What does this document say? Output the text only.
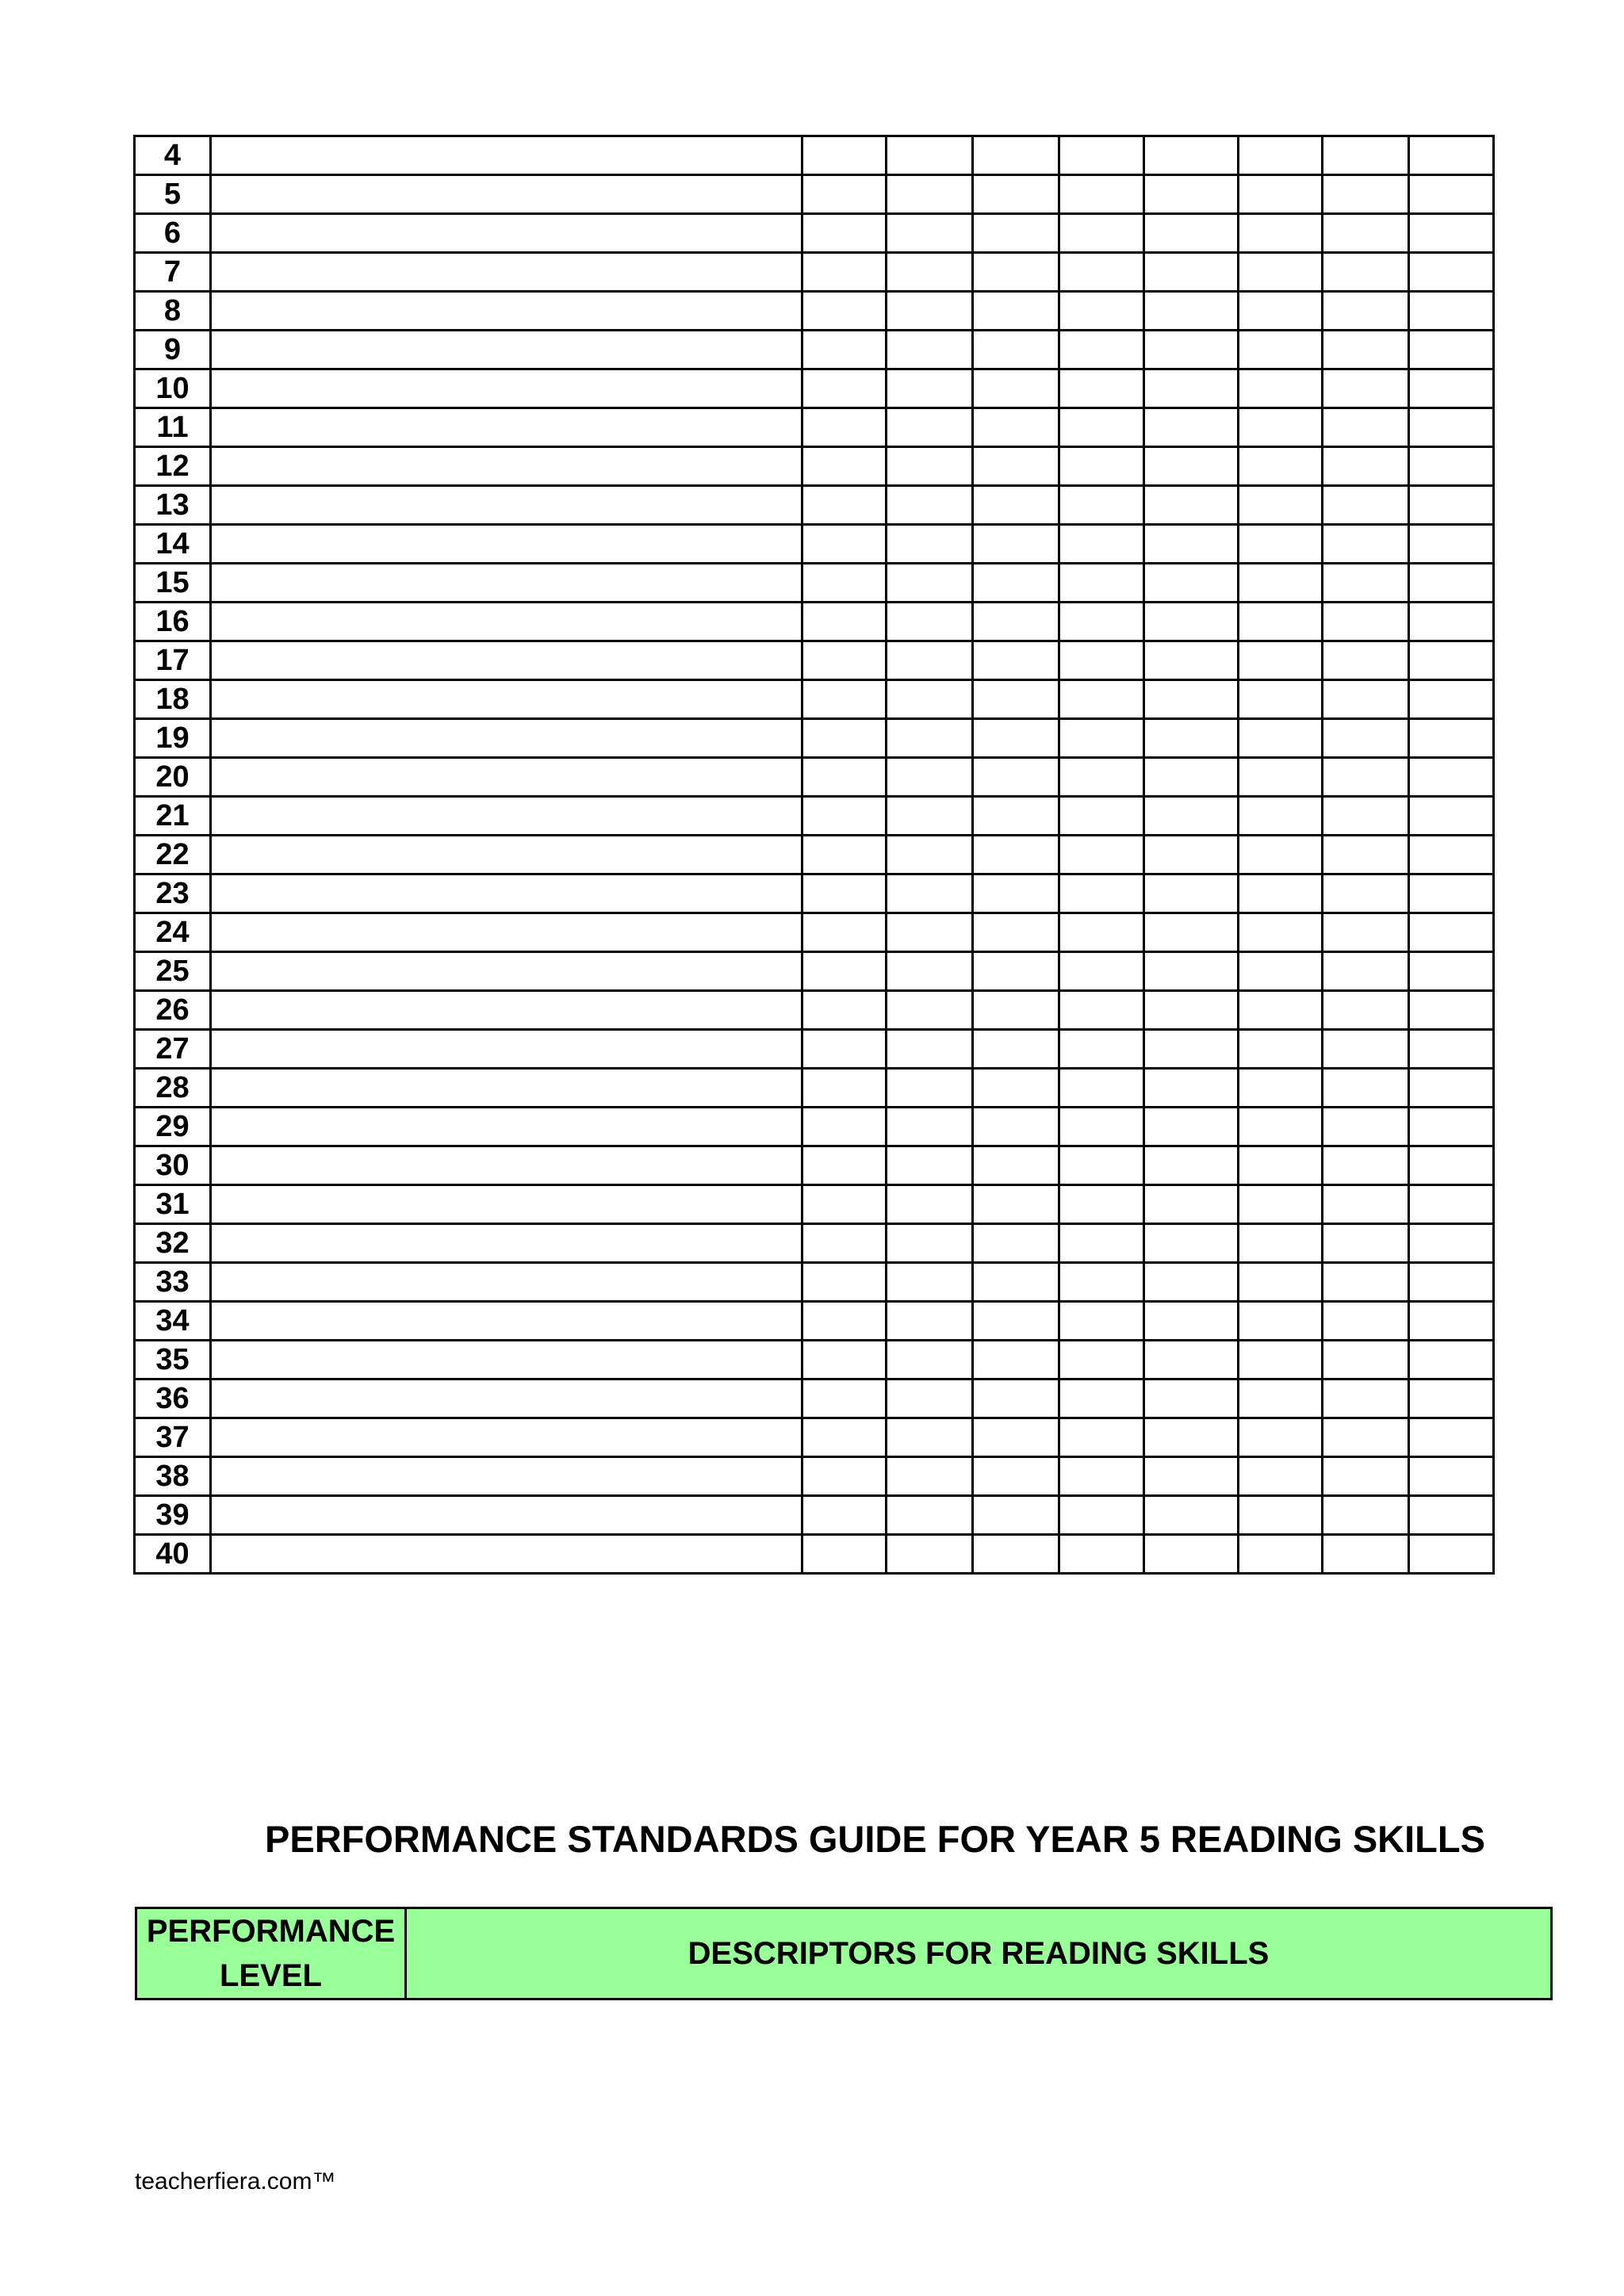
4									
5									
6									
7									
8									
9									
10									
11									
12									
13									
14									
15									
16									
17									
18									
19									
20									
21									
22									
23									
24									
25									
26									
27									
28									
29									
30									
31									
32									
33									
34									
35									
36									
37									
38									
39									
40									
PERFORMANCE STANDARDS GUIDE FOR YEAR 5 READING SKILLS
PERFORMANCE
LEVEL
	DESCRIPTORS FOR READING SKILLS

teacherfiera.com™
